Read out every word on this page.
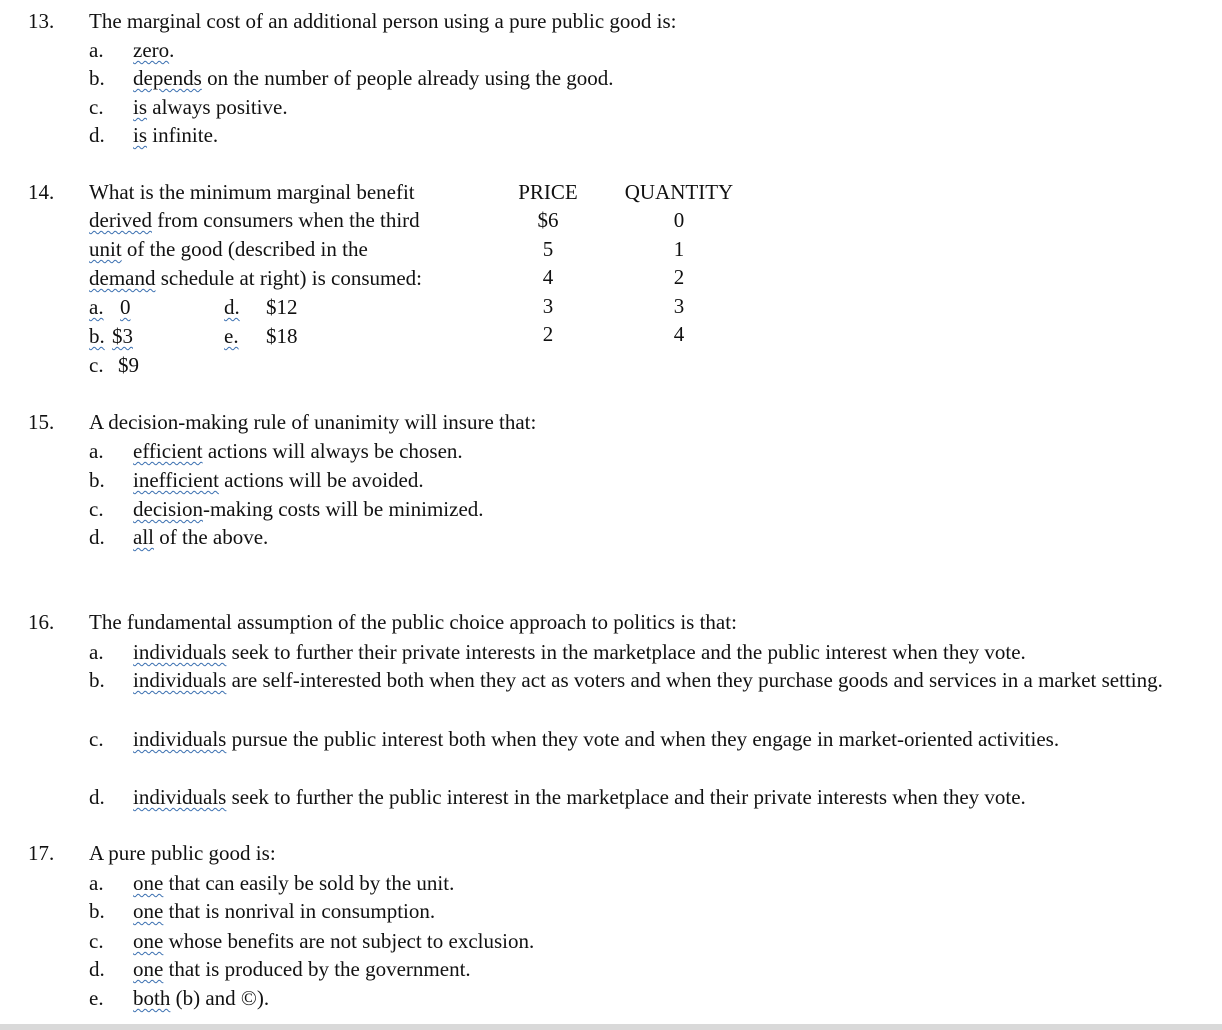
13. The marginal cost of an additional person using a pure public good is:
a. zero.
b. depends on the number of people already using the good.
c. is always positive.
d. is infinite.
14. What is the minimum marginal benefit
derived from consumers when the third
unit of the good (described in the
demand schedule at right) is consumed:
a. 0	d. $12
b. $3	e. $18
c. $9
PRICE
$6
5
4
3
2
QUANTITY
0
1
2
3
4
15. A decision-making rule of unanimity will insure that:
a. efficient actions will always be chosen.
b. inefficient actions will be avoided.
c. decision-making costs will be minimized.
d. all of the above.
16. The fundamental assumption of the public choice approach to politics is that:
a. individuals seek to further their private interests in the marketplace and the public interest when they vote.
b. individuals are self-interested both when they act as voters and when they purchase goods and services in a market setting.
c. individuals pursue the public interest both when they vote and when they engage in market-oriented activities.
d. individuals seek to further the public interest in the marketplace and their private interests when they vote.
17. A pure public good is:
a. one that can easily be sold by the unit.
b. one that is nonrival in consumption.
c. one whose benefits are not subject to exclusion.
d. one that is produced by the government.
e. both (b) and ©).
